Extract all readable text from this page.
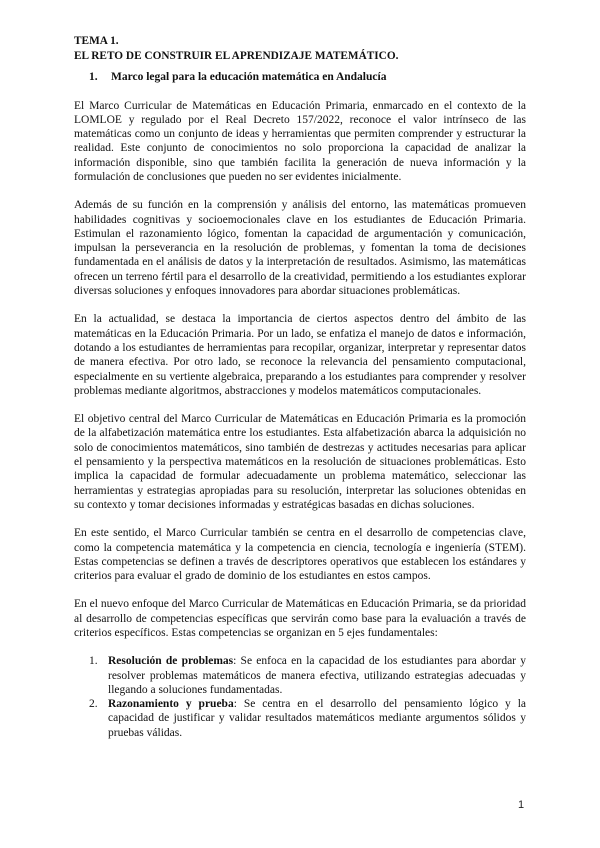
TEMA 1.

EL RETO DE CONSTRUIR EL APRENDIZAJE MATEMÁTICO.

1. Marco legal para la educación matemática en Andalucía

El Marco Curricular de Matemáticas en Educación Primaria, enmarcado en el contexto de la LOMLOE y regulado por el Real Decreto 157/2022, reconoce el valor intrínseco de las matemáticas como un conjunto de ideas y herramientas que permiten comprender y estructurar la realidad. Este conjunto de conocimientos no solo proporciona la capacidad de analizar la información disponible, sino que también facilita la generación de nueva información y la formulación de conclusiones que pueden no ser evidentes inicialmente.

Además de su función en la comprensión y análisis del entorno, las matemáticas promueven habilidades cognitivas y socioemocionales clave en los estudiantes de Educación Primaria. Estimulan el razonamiento lógico, fomentan la capacidad de argumentación y comunicación, impulsan la perseverancia en la resolución de problemas, y fomentan la toma de decisiones fundamentada en el análisis de datos y la interpretación de resultados. Asimismo, las matemáticas ofrecen un terreno fértil para el desarrollo de la creatividad, permitiendo a los estudiantes explorar diversas soluciones y enfoques innovadores para abordar situaciones problemáticas.

En la actualidad, se destaca la importancia de ciertos aspectos dentro del ámbito de las matemáticas en la Educación Primaria. Por un lado, se enfatiza el manejo de datos e información, dotando a los estudiantes de herramientas para recopilar, organizar, interpretar y representar datos de manera efectiva. Por otro lado, se reconoce la relevancia del pensamiento computacional, especialmente en su vertiente algebraica, preparando a los estudiantes para comprender y resolver problemas mediante algoritmos, abstracciones y modelos matemáticos computacionales.

El objetivo central del Marco Curricular de Matemáticas en Educación Primaria es la promoción de la alfabetización matemática entre los estudiantes. Esta alfabetización abarca la adquisición no solo de conocimientos matemáticos, sino también de destrezas y actitudes necesarias para aplicar el pensamiento y la perspectiva matemáticos en la resolución de situaciones problemáticas. Esto implica la capacidad de formular adecuadamente un problema matemático, seleccionar las herramientas y estrategias apropiadas para su resolución, interpretar las soluciones obtenidas en su contexto y tomar decisiones informadas y estratégicas basadas en dichas soluciones.

En este sentido, el Marco Curricular también se centra en el desarrollo de competencias clave, como la competencia matemática y la competencia en ciencia, tecnología e ingeniería (STEM). Estas competencias se definen a través de descriptores operativos que establecen los estándares y criterios para evaluar el grado de dominio de los estudiantes en estos campos.

En el nuevo enfoque del Marco Curricular de Matemáticas en Educación Primaria, se da prioridad al desarrollo de competencias específicas que servirán como base para la evaluación a través de criterios específicos. Estas competencias se organizan en 5 ejes fundamentales:

1. Resolución de problemas: Se enfoca en la capacidad de los estudiantes para abordar y resolver problemas matemáticos de manera efectiva, utilizando estrategias adecuadas y llegando a soluciones fundamentadas.
2. Razonamiento y prueba: Se centra en el desarrollo del pensamiento lógico y la capacidad de justificar y validar resultados matemáticos mediante argumentos sólidos y pruebas válidas.
1
